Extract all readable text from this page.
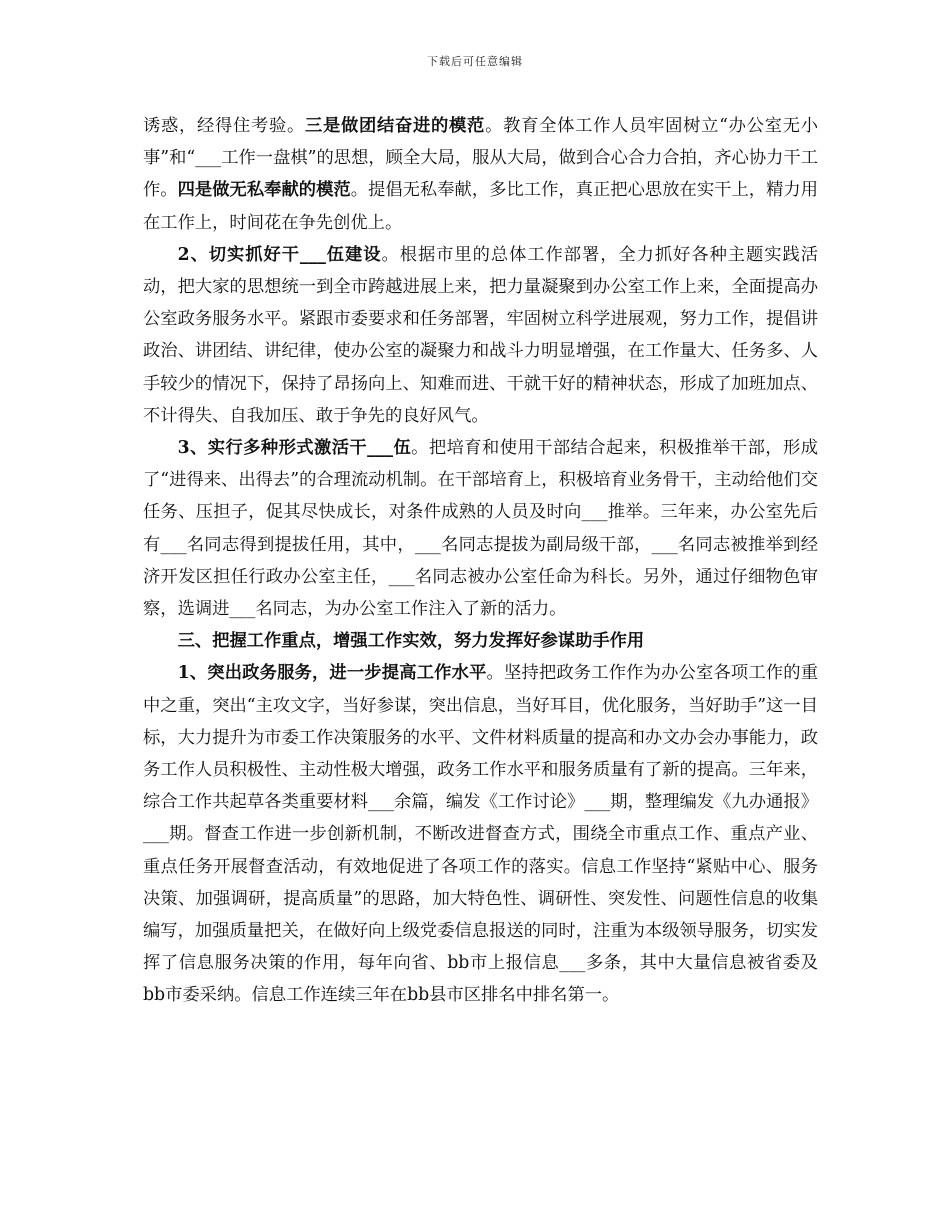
下载后可任意编辑

诱惑，经得住考验。三是做团结奋进的模范。教育全体工作人员牢固树立“办公室无小事”和“___工作一盘棋”的思想，顾全大局，服从大局，做到合心合力合拍，齐心协力干工作。四是做无私奉献的模范。提倡无私奉献，多比工作，真正把心思放在实干上，精力用在工作上，时间花在争先创优上。

2、切实抓好干___伍建设。根据市里的总体工作部署，全力抓好各种主题实践活动，把大家的思想统一到全市跨越进展上来，把力量凝聚到办公室工作上来，全面提高办公室政务服务水平。紧跟市委要求和任务部署，牢固树立科学进展观，努力工作，提倡讲政治、讲团结、讲纪律，使办公室的凝聚力和战斗力明显增强，在工作量大、任务多、人手较少的情况下，保持了昂扬向上、知难而进、干就干好的精神状态，形成了加班加点、不计得失、自我加压、敢于争先的良好风气。

3、实行多种形式激活干___伍。把培育和使用干部结合起来，积极推举干部，形成了“进得来、出得去”的合理流动机制。在干部培育上，积极培育业务骨干，主动给他们交任务、压担子，促其尽快成长，对条件成熟的人员及时向___推举。三年来，办公室先后有___名同志得到提拔任用，其中，___名同志提拔为副局级干部，___名同志被推举到经济开发区担任行政办公室主任，___名同志被办公室任命为科长。另外，通过仔细物色审察，选调进___名同志，为办公室工作注入了新的活力。

三、把握工作重点，增强工作实效，努力发挥好参谋助手作用

1、突出政务服务，进一步提高工作水平。坚持把政务工作作为办公室各项工作的重中之重，突出“主攻文字，当好参谋，突出信息，当好耳目，优化服务，当好助手”这一目标，大力提升为市委工作决策服务的水平、文件材料质量的提高和办文办会办事能力，政务工作人员积极性、主动性极大增强，政务工作水平和服务质量有了新的提高。三年来，综合工作共起草各类重要材料___余篇，编发《工作讨论》___期，整理编发《九办通报》___期。督查工作进一步创新机制，不断改进督查方式，围绕全市重点工作、重点产业、重点任务开展督查活动，有效地促进了各项工作的落实。信息工作坚持“紧贴中心、服务决策、加强调研，提高质量”的思路，加大特色性、调研性、突发性、问题性信息的收集编写，加强质量把关，在做好向上级党委信息报送的同时，注重为本级领导服务，切实发挥了信息服务决策的作用，每年向省、bb市上报信息___多条，其中大量信息被省委及bb市委采纳。信息工作连续三年在bb县市区排名中排名第一。
